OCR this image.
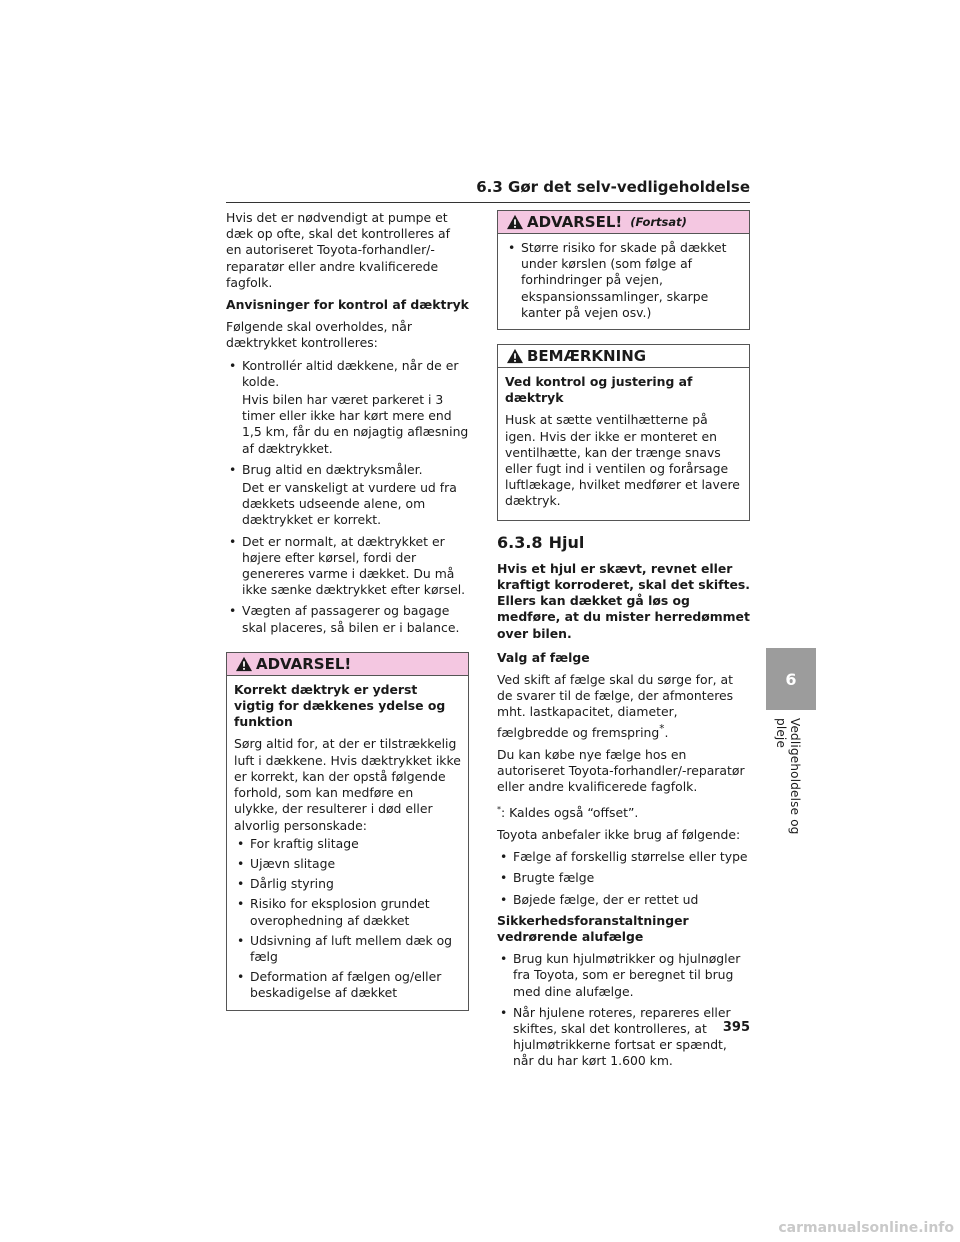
6.3 Gør det selv-vedligeholdelse

Hvis det er nødvendigt at pumpe et dæk op ofte, skal det kontrolleres af en autoriseret Toyota-forhandler/-reparatør eller andre kvalificerede fagfolk.

Anvisninger for kontrol af dæktryk

Følgende skal overholdes, når dæktrykket kontrolleres:

• Kontrollér altid dækkene, når de er kolde.
Hvis bilen har været parkeret i 3 timer eller ikke har kørt mere end 1,5 km, får du en nøjagtig aflæsning af dæktrykket.
• Brug altid en dæktryksmåler.
Det er vanskeligt at vurdere ud fra dækkets udseende alene, om dæktrykket er korrekt.
• Det er normalt, at dæktrykket er højere efter kørsel, fordi der genereres varme i dækket. Du må ikke sænke dæktrykket efter kørsel.
• Vægten af passagerer og bagage skal placeres, så bilen er i balance.
ADVARSEL!

Korrekt dæktryk er yderst vigtig for dækkenes ydelse og funktion

Sørg altid for, at der er tilstrækkelig luft i dækkene. Hvis dæktrykket ikke er korrekt, kan der opstå følgende forhold, som kan medføre en ulykke, der resulterer i død eller alvorlig personskade:

• For kraftig slitage
• Ujævn slitage
• Dårlig styring
• Risiko for eksplosion grundet overophedning af dækket
• Udsivning af luft mellem dæk og fælg
• Deformation af fælgen og/eller beskadigelse af dækket
ADVARSEL! (Fortsat)
• Større risiko for skade på dækket under kørslen (som følge af forhindringer på vejen, ekspansionssamlinger, skarpe kanter på vejen osv.)
BEMÆRKNING

Ved kontrol og justering af dæktryk

Husk at sætte ventilhætterne på igen. Hvis der ikke er monteret en ventilhætte, kan der trænge snavs eller fugt ind i ventilen og forårsage luftlækage, hvilket medfører et lavere dæktryk.

6.3.8 Hjul

Hvis et hjul er skævt, revnet eller kraftigt korroderet, skal det skiftes. Ellers kan dækket gå løs og medføre, at du mister herredømmet over bilen.

Valg af fælge

Ved skift af fælge skal du sørge for, at de svarer til de fælge, der afmonteres mht. lastkapacitet, diameter, fælgbredde og fremspring*.

Du kan købe nye fælge hos en autoriseret Toyota-forhandler/-reparatør eller andre kvalificerede fagfolk.

*: Kaldes også “offset”.

Toyota anbefaler ikke brug af følgende:

• Fælge af forskellig størrelse eller type
• Brugte fælge
• Bøjede fælge, der er rettet ud

Sikkerhedsforanstaltninger vedrørende alufælge

• Brug kun hjulmøtrikker og hjulnøgler fra Toyota, som er beregnet til brug med dine alufælge.
• Når hjulene roteres, repareres eller skiftes, skal det kontrolleres, at hjulmøtrikkerne fortsat er spændt, når du har kørt 1.600 km.
395
6
Vedligeholdelse og pleje
carmanualsonline.info
